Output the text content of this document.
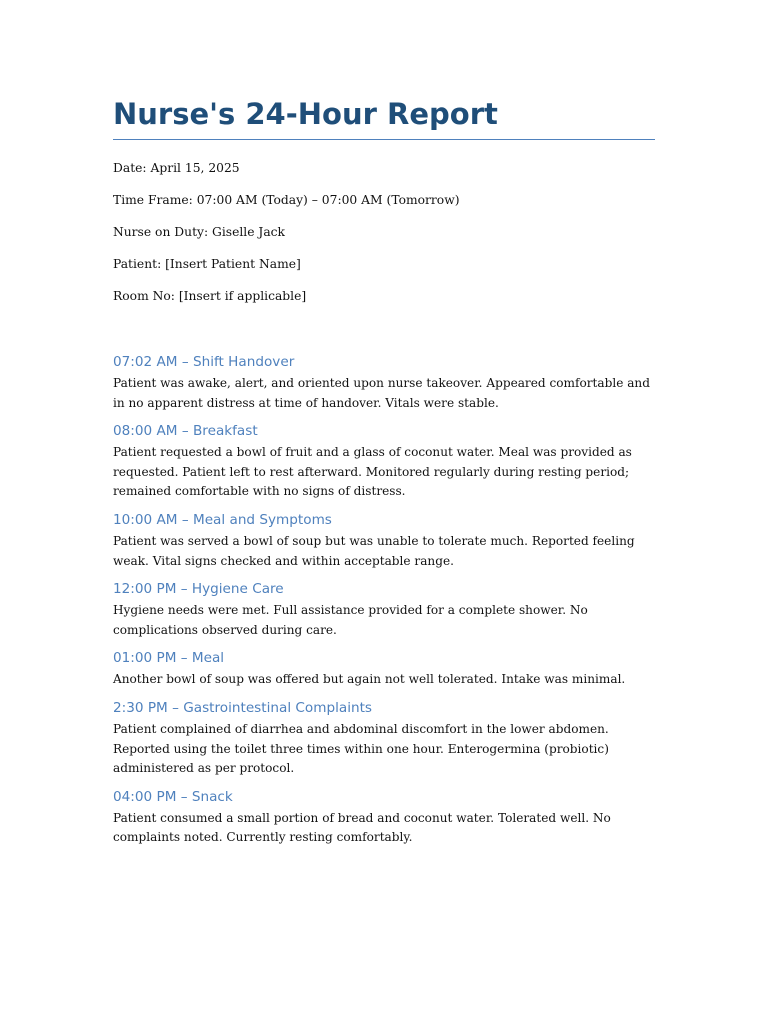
Nurse's 24-Hour Report
Date: April 15, 2025
Time Frame: 07:00 AM (Today) – 07:00 AM (Tomorrow)
Nurse on Duty: Giselle Jack
Patient: [Insert Patient Name]
Room No: [Insert if applicable]
07:02 AM – Shift Handover

Patient was awake, alert, and oriented upon nurse takeover. Appeared comfortable and in no apparent distress at time of handover. Vitals were stable.

08:00 AM – Breakfast

Patient requested a bowl of fruit and a glass of coconut water. Meal was provided as requested. Patient left to rest afterward. Monitored regularly during resting period; remained comfortable with no signs of distress.

10:00 AM – Meal and Symptoms

Patient was served a bowl of soup but was unable to tolerate much. Reported feeling weak. Vital signs checked and within acceptable range.

12:00 PM – Hygiene Care

Hygiene needs were met. Full assistance provided for a complete shower. No complications observed during care.

01:00 PM – Meal

Another bowl of soup was offered but again not well tolerated. Intake was minimal.

2:30 PM – Gastrointestinal Complaints

Patient complained of diarrhea and abdominal discomfort in the lower abdomen. Reported using the toilet three times within one hour. Enterogermina (probiotic) administered as per protocol.

04:00 PM – Snack

Patient consumed a small portion of bread and coconut water. Tolerated well. No complaints noted. Currently resting comfortably.
